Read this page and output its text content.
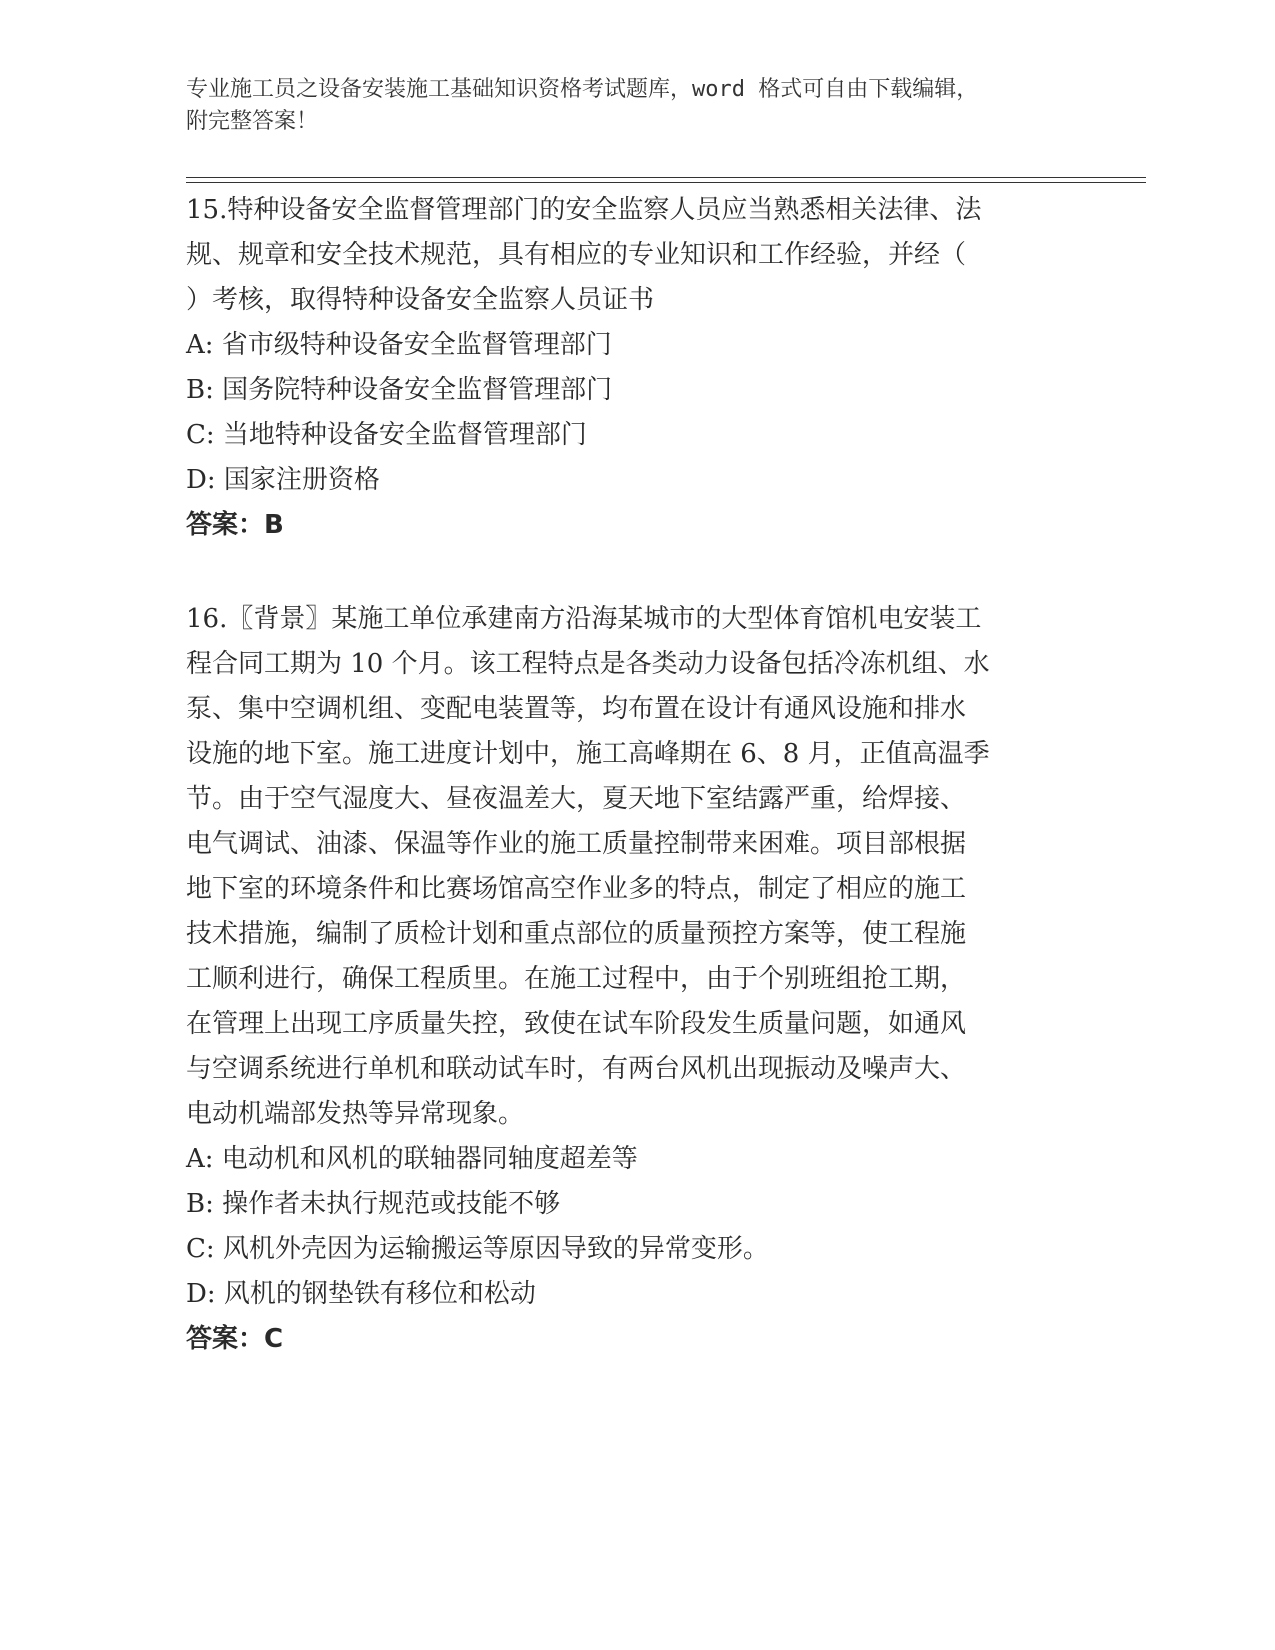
专业施工员之设备安装施工基础知识资格考试题库，word 格式可自由下载编辑，

附完整答案！

15.特种设备安全监督管理部门的安全监察人员应当熟悉相关法律、法

规、规章和安全技术规范，具有相应的专业知识和工作经验，并经（

）考核，取得特种设备安全监察人员证书

A: 省市级特种设备安全监督管理部门

B: 国务院特种设备安全监督管理部门

C: 当地特种设备安全监督管理部门

D: 国家注册资格

答案：B

16.〖背景〗某施工单位承建南方沿海某城市的大型体育馆机电安装工

程合同工期为 10 个月。该工程特点是各类动力设备包括冷冻机组、水

泵、集中空调机组、变配电装置等，均布置在设计有通风设施和排水

设施的地下室。施工进度计划中，施工高峰期在 6、8 月，正值高温季

节。由于空气湿度大、昼夜温差大，夏天地下室结露严重，给焊接、

电气调试、油漆、保温等作业的施工质量控制带来困难。项目部根据

地下室的环境条件和比赛场馆高空作业多的特点，制定了相应的施工

技术措施，编制了质检计划和重点部位的质量预控方案等，使工程施

工顺利进行，确保工程质里。在施工过程中，由于个别班组抢工期，

在管理上出现工序质量失控，致使在试车阶段发生质量问题，如通风

与空调系统进行单机和联动试车时，有两台风机出现振动及噪声大、

电动机端部发热等异常现象。

A: 电动机和风机的联轴器同轴度超差等

B: 操作者未执行规范或技能不够

C: 风机外壳因为运输搬运等原因导致的异常变形。

D: 风机的钢垫铁有移位和松动

答案：C
